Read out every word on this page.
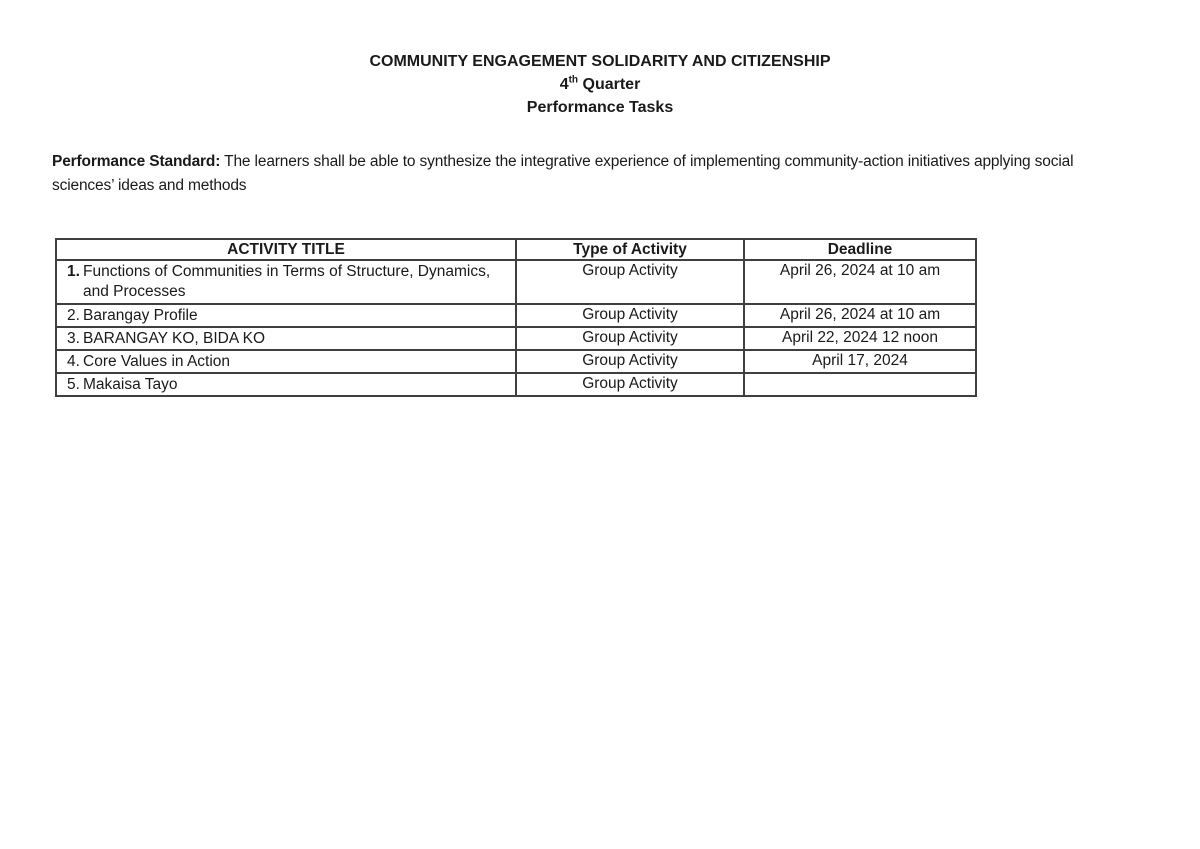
COMMUNITY ENGAGEMENT SOLIDARITY AND CITIZENSHIP
4th Quarter
Performance Tasks

Performance Standard: The learners shall be able to synthesize the integrative experience of implementing community-action initiatives applying social sciences’ ideas and methods

ACTIVITY TITLE	Type of Activity	Deadline

1. Functions of Communities in Terms of Structure, Dynamics, and Processes	Group Activity	April 26, 2024 at 10 am

2. Barangay Profile	Group Activity	April 26, 2024 at 10 am

3. BARANGAY KO, BIDA KO	Group Activity	April 22, 2024 12 noon

4. Core Values in Action	Group Activity	April 17, 2024

5. Makaisa Tayo	Group Activity	
